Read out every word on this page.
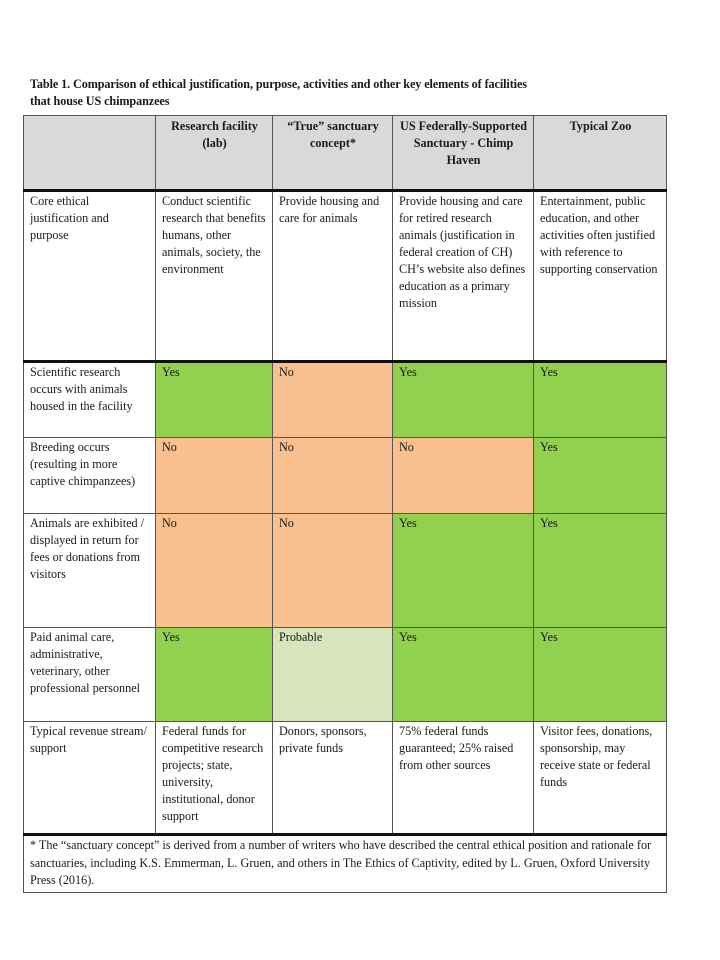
Table 1. Comparison of ethical justification, purpose, activities and other key elements of facilities
that house US chimpanzees
	Research facility (lab)	“True” sanctuary concept*	US Federally-Supported Sanctuary - Chimp Haven	Typical Zoo
Core ethical justification and purpose	Conduct scientific research that benefits humans, other animals, society, the environment	Provide housing and care for animals	Provide housing and care for retired research animals (justification in federal creation of CH) CH’s website also defines education as a primary mission	Entertainment, public education, and other activities often justified with reference to supporting conservation
Scientific research occurs with animals housed in the facility	Yes	No	Yes	Yes
Breeding occurs (resulting in more captive chimpanzees)	No	No	No	Yes
Animals are exhibited / displayed in return for fees or donations from visitors	No	No	Yes	Yes
Paid animal care, administrative, veterinary, other professional personnel	Yes	Probable	Yes	Yes
Typical revenue stream/ support	Federal funds for competitive research projects; state, university, institutional, donor support	Donors, sponsors, private funds	75% federal funds guaranteed; 25% raised from other sources	Visitor fees, donations, sponsorship, may receive state or federal funds
* The “sanctuary concept” is derived from a number of writers who have described the central ethical position and rationale for sanctuaries, including K.S. Emmerman, L. Gruen, and others in The Ethics of Captivity, edited by L. Gruen, Oxford University Press (2016).				
